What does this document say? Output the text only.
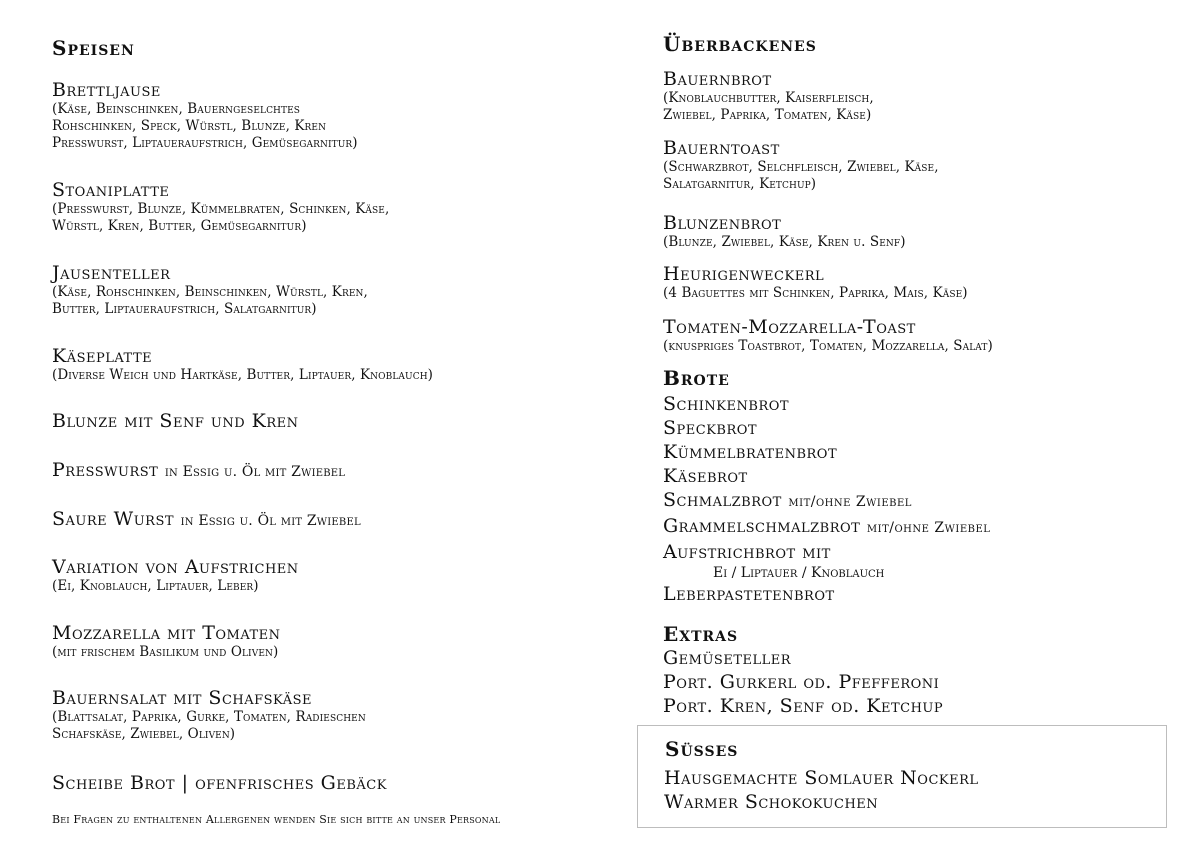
Speisen
Brettljause
(Käse, Beinschinken, Bauerngeselchtes
Rohschinken, Speck, Würstl, Blunze, Kren
Presswurst, Liptaueraufstrich, Gemüsegarnitur)
Stoaniplatte
(Presswurst, Blunze, Kümmelbraten, Schinken, Käse,
Würstl, Kren, Butter, Gemüsegarnitur)
Jausenteller
(Käse, Rohschinken, Beinschinken, Würstl, Kren,
Butter, Liptaueraufstrich, Salatgarnitur)
Käseplatte
(Diverse Weich und Hartkäse, Butter, Liptauer, Knoblauch)
Blunze mit Senf und Kren
Presswurst in Essig u. Öl mit Zwiebel
Saure Wurst in Essig u. Öl mit Zwiebel
Variation von Aufstrichen
(Ei, Knoblauch, Liptauer, Leber)
Mozzarella mit Tomaten
(mit frischem Basilikum und Oliven)
Bauernsalat mit Schafskäse
(Blattsalat, Paprika, Gurke, Tomaten, Radieschen
Schafskäse, Zwiebel, Oliven)
Scheibe Brot | ofenfrisches Gebäck
Bei Fragen zu enthaltenen Allergenen wenden Sie sich bitte an unser Personal
Überbackenes
Bauernbrot
(Knoblauchbutter, Kaiserfleisch,
Zwiebel, Paprika, Tomaten, Käse)
Bauerntoast
(Schwarzbrot, Selchfleisch, Zwiebel, Käse,
Salatgarnitur, Ketchup)
Blunzenbrot
(Blunze, Zwiebel, Käse, Kren u. Senf)
Heurigenweckerl
(4 Baguettes mit Schinken, Paprika, Mais, Käse)
Tomaten-Mozzarella-Toast
(knuspriges Toastbrot, Tomaten, Mozzarella, Salat)
Brote
Schinkenbrot
Speckbrot
Kümmelbratenbrot
Käsebrot
Schmalzbrot mit/ohne Zwiebel
Grammelschmalzbrot mit/ohne Zwiebel
Aufstrichbrot mit
Ei / Liptauer / Knoblauch
Leberpastetenbrot
Extras
Gemüseteller
Port. Gurkerl od. Pfefferoni
Port. Kren, Senf od. Ketchup
Süsses
Hausgemachte Somlauer Nockerl
Warmer Schokokuchen
